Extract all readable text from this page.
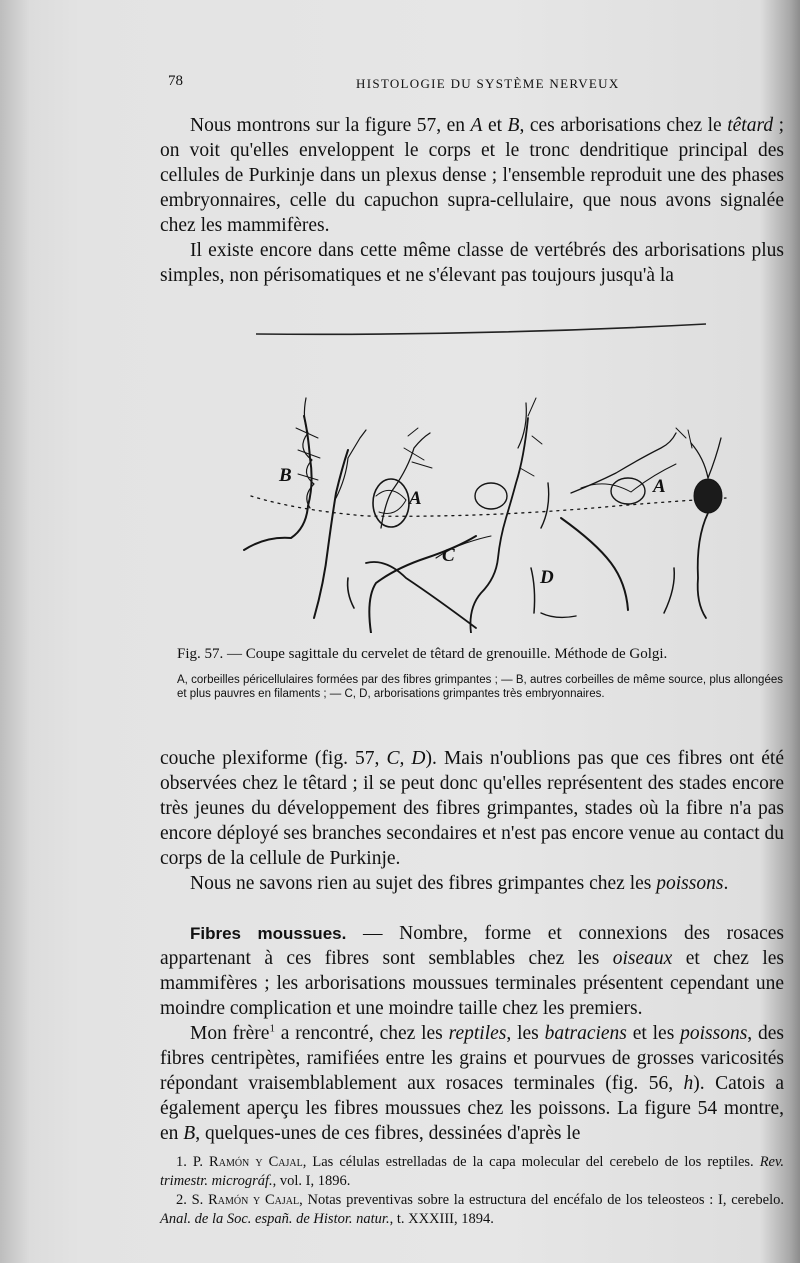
78	HISTOLOGIE DU SYSTÈME NERVEUX

Nous montrons sur la figure 57, en A et B, ces arborisations chez le têtard ; on voit qu'elles enveloppent le corps et le tronc dendritique principal des cellules de Purkinje dans un plexus dense ; l'ensemble reproduit une des phases embryonnaires, celle du capuchon supra-cellulaire, que nous avons signalée chez les mammifères.

Il existe encore dans cette même classe de vertébrés des arborisations plus simples, non périsomatiques et ne s'élevant pas toujours jusqu'à la

B
A
C
D
A

Fig. 57. — Coupe sagittale du cervelet de têtard de grenouille. Méthode de Golgi.

A, corbeilles péricellulaires formées par des fibres grimpantes ; — B, autres corbeilles de même source, plus allongées et plus pauvres en filaments ; — C, D, arborisations grimpantes très embryonnaires.

couche plexiforme (fig. 57, C, D). Mais n'oublions pas que ces fibres ont été observées chez le têtard ; il se peut donc qu'elles représentent des stades encore très jeunes du développement des fibres grimpantes, stades où la fibre n'a pas encore déployé ses branches secondaires et n'est pas encore venue au contact du corps de la cellule de Purkinje.

Nous ne savons rien au sujet des fibres grimpantes chez les poissons.

Fibres moussues. — Nombre, forme et connexions des rosaces appartenant à ces fibres sont semblables chez les oiseaux et chez les mammifères ; les arborisations moussues terminales présentent cependant une moindre complication et une moindre taille chez les premiers.

Mon frère$^1$ a rencontré, chez les reptiles, les batraciens et les poissons, des fibres centripètes, ramifiées entre les grains et pourvues de grosses varicosités répondant vraisemblablement aux rosaces terminales (fig. 56, h). Catois a également aperçu les fibres moussues chez les poissons. La figure 54 montre, en B, quelques-unes de ces fibres, dessinées d'après le

1. P. Ramón y Cajal, Las células estrelladas de la capa molecular del cerebelo de los reptiles. Rev. trimestr. micrográf., vol. I, 1896.

2. S. Ramón y Cajal, Notas preventivas sobre la estructura del encéfalo de los teleosteos : I, cerebelo. Anal. de la Soc. españ. de Histor. natur., t. XXXIII, 1894.
